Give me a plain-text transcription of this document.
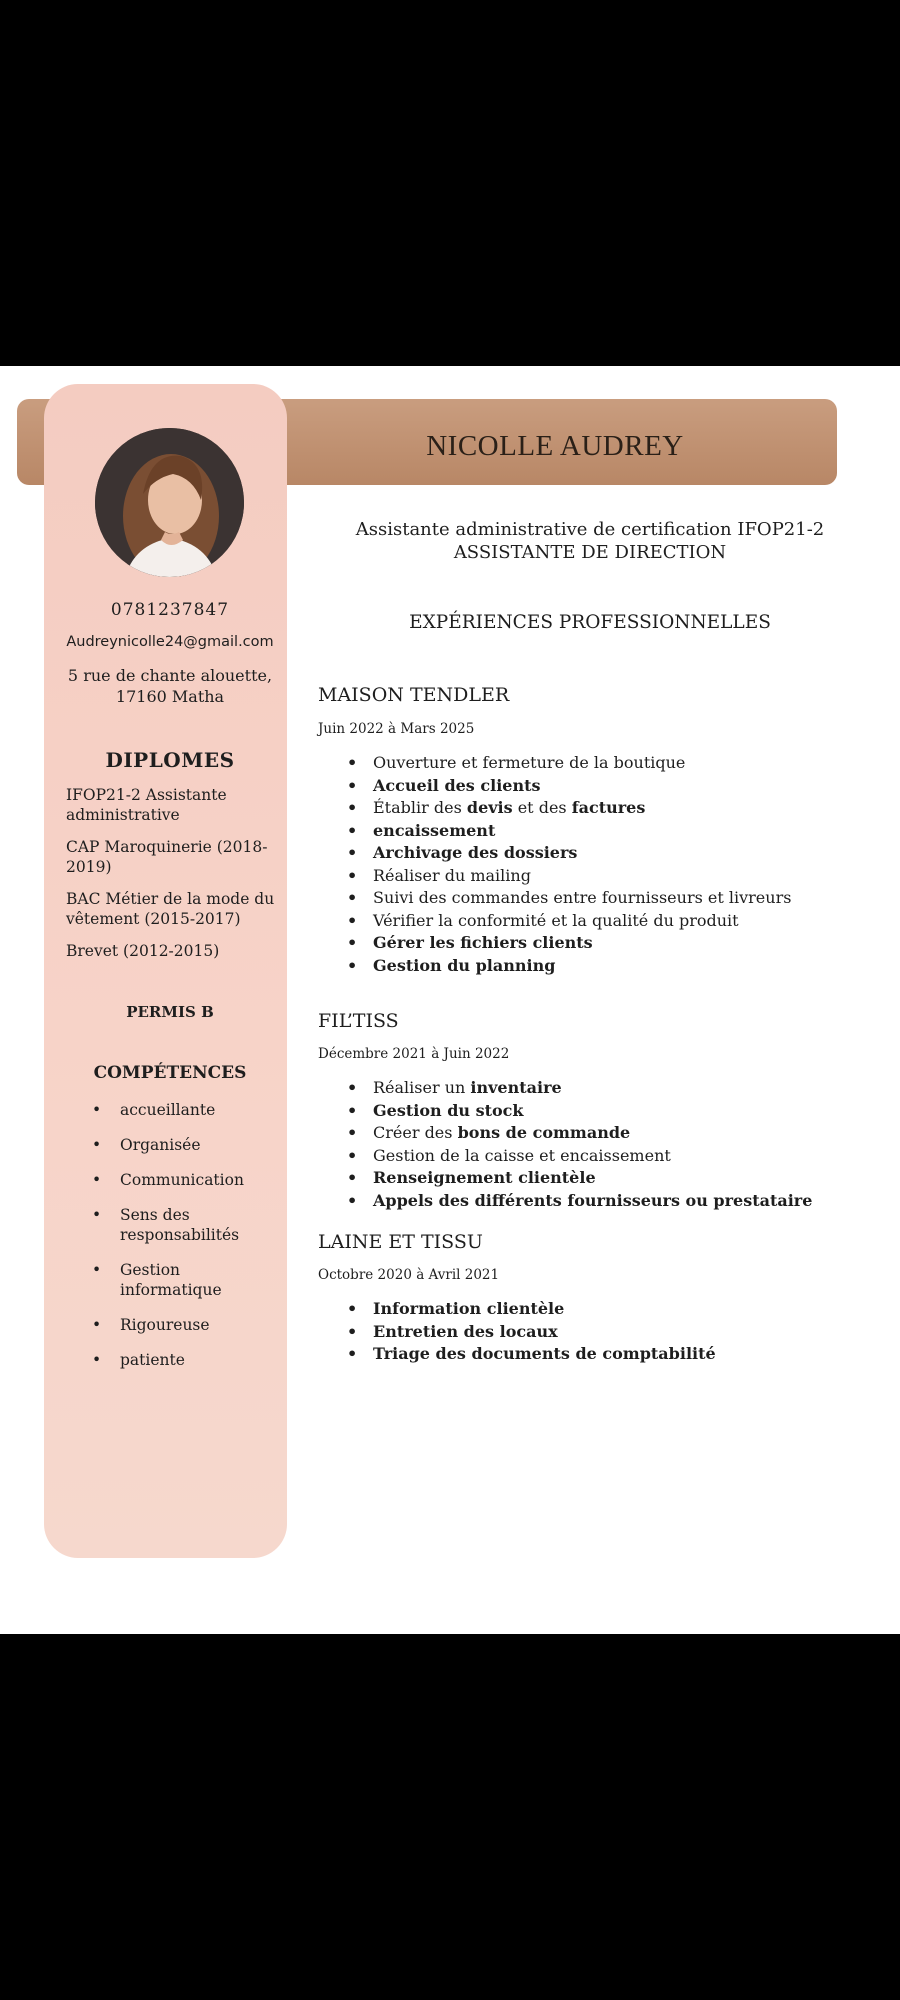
NICOLLE AUDREY
0781237847
Audreynicolle24@gmail.com
5 rue de chante alouette,
17160 Matha
DIPLOMES
IFOP21-2 Assistante administrative
CAP Maroquinerie (2018-2019)
BAC Métier de la mode du vêtement (2015-2017)
Brevet (2012-2015)
PERMIS B
COMPÉTENCES
• accueillante
• Organisée
• Communication
• Sens des responsabilités
• Gestion informatique
• Rigoureuse
• patiente
Assistante administrative de certification IFOP21-2
ASSISTANTE DE DIRECTION
EXPÉRIENCES PROFESSIONNELLES
MAISON TENDLER
Juin 2022 à Mars 2025
• Ouverture et fermeture de la boutique
• Accueil des clients
• Établir des devis et des factures
• encaissement
• Archivage des dossiers
• Réaliser du mailing
• Suivi des commandes entre fournisseurs et livreurs
• Vérifier la conformité et la qualité du produit
• Gérer les fichiers clients
• Gestion du planning
FIL’TISS
Décembre 2021 à Juin 2022
• Réaliser un inventaire
• Gestion du stock
• Créer des bons de commande
• Gestion de la caisse et encaissement
• Renseignement clientèle
• Appels des différents fournisseurs ou prestataire
LAINE ET TISSU
Octobre 2020 à Avril 2021
• Information clientèle
• Entretien des locaux
• Triage des documents de comptabilité
